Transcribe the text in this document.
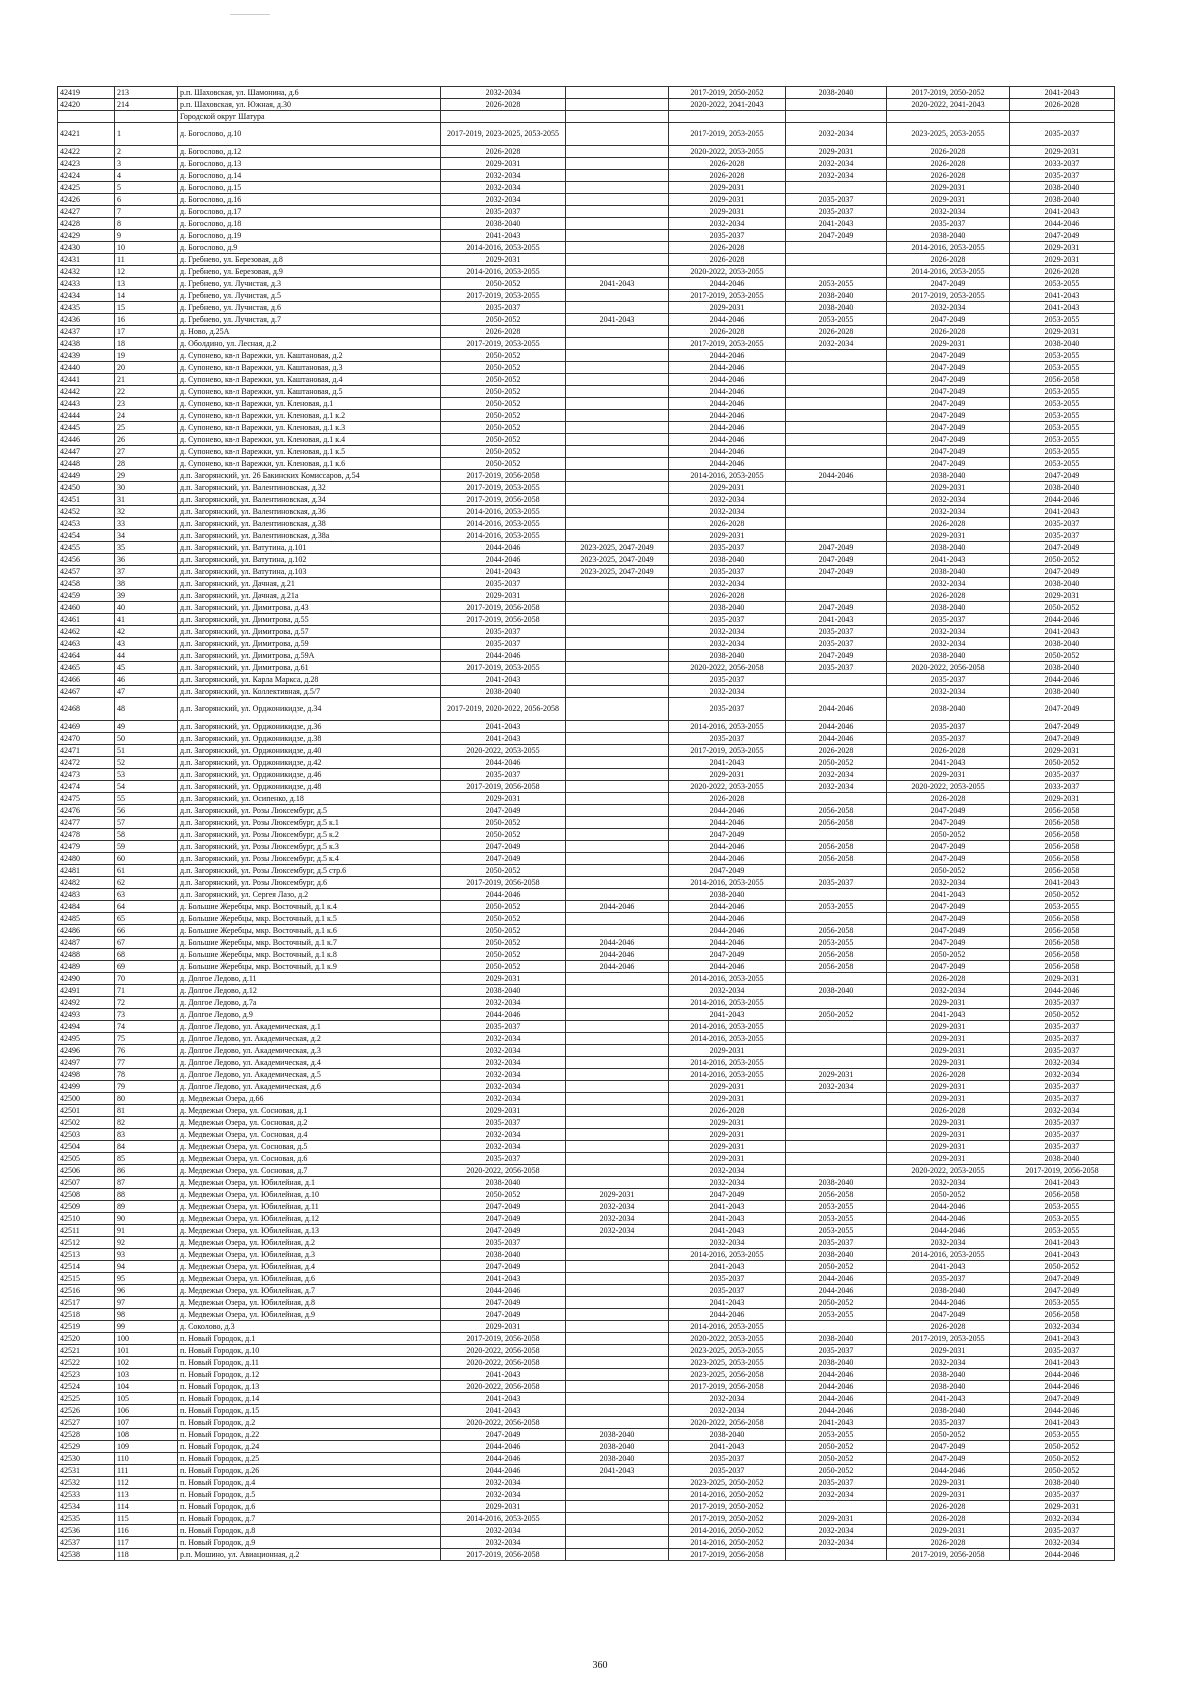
42419	213	р.п. Шаховская, ул. Шамонина, д.6	2032-2034		2017-2019, 2050-2052	2038-2040	2017-2019, 2050-2052	2041-2043
42420	214	р.п. Шаховская, ул. Южная, д.30	2026-2028		2020-2022, 2041-2043		2020-2022, 2041-2043	2026-2028
		Городской округ Шатура						
42421	1	д. Богослово, д.10	2017-2019, 2023-2025, 2053-2055		2017-2019, 2053-2055	2032-2034	2023-2025, 2053-2055	2035-2037
42422	2	д. Богослово, д.12	2026-2028		2020-2022, 2053-2055	2029-2031	2026-2028	2029-2031
42423	3	д. Богослово, д.13	2029-2031		2026-2028	2032-2034	2026-2028	2033-2037
42424	4	д. Богослово, д.14	2032-2034		2026-2028	2032-2034	2026-2028	2035-2037
42425	5	д. Богослово, д.15	2032-2034		2029-2031		2029-2031	2038-2040
42426	6	д. Богослово, д.16	2032-2034		2029-2031	2035-2037	2029-2031	2038-2040
42427	7	д. Богослово, д.17	2035-2037		2029-2031	2035-2037	2032-2034	2041-2043
42428	8	д. Богослово, д.18	2038-2040		2032-2034	2041-2043	2035-2037	2044-2046
42429	9	д. Богослово, д.19	2041-2043		2035-2037	2047-2049	2038-2040	2047-2049
42430	10	д. Богослово, д.9	2014-2016, 2053-2055		2026-2028		2014-2016, 2053-2055	2029-2031
42431	11	д. Гребнево, ул. Березовая, д.8	2029-2031		2026-2028		2026-2028	2029-2031
42432	12	д. Гребнево, ул. Березовая, д.9	2014-2016, 2053-2055		2020-2022, 2053-2055		2014-2016, 2053-2055	2026-2028
42433	13	д. Гребнево, ул. Лучистая, д.3	2050-2052	2041-2043	2044-2046	2053-2055	2047-2049	2053-2055
42434	14	д. Гребнево, ул. Лучистая, д.5	2017-2019, 2053-2055		2017-2019, 2053-2055	2038-2040	2017-2019, 2053-2055	2041-2043
42435	15	д. Гребнево, ул. Лучистая, д.6	2035-2037		2029-2031	2038-2040	2032-2034	2041-2043
42436	16	д. Гребнево, ул. Лучистая, д.7	2050-2052	2041-2043	2044-2046	2053-2055	2047-2049	2053-2055
42437	17	д. Ново, д.25А	2026-2028		2026-2028	2026-2028	2026-2028	2029-2031
42438	18	д. Оболдино, ул. Лесная, д.2	2017-2019, 2053-2055		2017-2019, 2053-2055	2032-2034	2029-2031	2038-2040
42439	19	д. Супонево, кв-л Варежки, ул. Каштановая, д.2	2050-2052		2044-2046		2047-2049	2053-2055
42440	20	д. Супонево, кв-л Варежки, ул. Каштановая, д.3	2050-2052		2044-2046		2047-2049	2053-2055
42441	21	д. Супонево, кв-л Варежки, ул. Каштановая, д.4	2050-2052		2044-2046		2047-2049	2056-2058
42442	22	д. Супонево, кв-л Варежки, ул. Каштановая, д.5	2050-2052		2044-2046		2047-2049	2053-2055
42443	23	д. Супонево, кв-л Варежки, ул. Кленовая, д.1	2050-2052		2044-2046		2047-2049	2053-2055
42444	24	д. Супонево, кв-л Варежки, ул. Кленовая, д.1 к.2	2050-2052		2044-2046		2047-2049	2053-2055
42445	25	д. Супонево, кв-л Варежки, ул. Кленовая, д.1 к.3	2050-2052		2044-2046		2047-2049	2053-2055
42446	26	д. Супонево, кв-л Варежки, ул. Кленовая, д.1 к.4	2050-2052		2044-2046		2047-2049	2053-2055
42447	27	д. Супонево, кв-л Варежки, ул. Кленовая, д.1 к.5	2050-2052		2044-2046		2047-2049	2053-2055
42448	28	д. Супонево, кв-л Варежки, ул. Кленовая, д.1 к.6	2050-2052		2044-2046		2047-2049	2053-2055
42449	29	д.п. Загорянский, ул. 26 Бакинских Комиссаров, д.54	2017-2019, 2056-2058		2014-2016, 2053-2055	2044-2046	2038-2040	2047-2049
42450	30	д.п. Загорянский, ул. Валентиновская, д.32	2017-2019, 2053-2055		2029-2031		2029-2031	2038-2040
42451	31	д.п. Загорянский, ул. Валентиновская, д.34	2017-2019, 2056-2058		2032-2034		2032-2034	2044-2046
42452	32	д.п. Загорянский, ул. Валентиновская, д.36	2014-2016, 2053-2055		2032-2034		2032-2034	2041-2043
42453	33	д.п. Загорянский, ул. Валентиновская, д.38	2014-2016, 2053-2055		2026-2028		2026-2028	2035-2037
42454	34	д.п. Загорянский, ул. Валентиновская, д.38а	2014-2016, 2053-2055		2029-2031		2029-2031	2035-2037
42455	35	д.п. Загорянский, ул. Ватутина, д.101	2044-2046	2023-2025, 2047-2049	2035-2037	2047-2049	2038-2040	2047-2049
42456	36	д.п. Загорянский, ул. Ватутина, д.102	2044-2046	2023-2025, 2047-2049	2038-2040	2047-2049	2041-2043	2050-2052
42457	37	д.п. Загорянский, ул. Ватутина, д.103	2041-2043	2023-2025, 2047-2049	2035-2037	2047-2049	2038-2040	2047-2049
42458	38	д.п. Загорянский, ул. Дачная, д.21	2035-2037		2032-2034		2032-2034	2038-2040
42459	39	д.п. Загорянский, ул. Дачная, д.21а	2029-2031		2026-2028		2026-2028	2029-2031
42460	40	д.п. Загорянский, ул. Димитрова, д.43	2017-2019, 2056-2058		2038-2040	2047-2049	2038-2040	2050-2052
42461	41	д.п. Загорянский, ул. Димитрова, д.55	2017-2019, 2056-2058		2035-2037	2041-2043	2035-2037	2044-2046
42462	42	д.п. Загорянский, ул. Димитрова, д.57	2035-2037		2032-2034	2035-2037	2032-2034	2041-2043
42463	43	д.п. Загорянский, ул. Димитрова, д.59	2035-2037		2032-2034	2035-2037	2032-2034	2038-2040
42464	44	д.п. Загорянский, ул. Димитрова, д.59А	2044-2046		2038-2040	2047-2049	2038-2040	2050-2052
42465	45	д.п. Загорянский, ул. Димитрова, д.61	2017-2019, 2053-2055		2020-2022, 2056-2058	2035-2037	2020-2022, 2056-2058	2038-2040
42466	46	д.п. Загорянский, ул. Карла Маркса, д.28	2041-2043		2035-2037		2035-2037	2044-2046
42467	47	д.п. Загорянский, ул. Коллективная, д.5/7	2038-2040		2032-2034		2032-2034	2038-2040
42468	48	д.п. Загорянский, ул. Орджоникидзе, д.34	2017-2019, 2020-2022, 2056-2058		2035-2037	2044-2046	2038-2040	2047-2049
42469	49	д.п. Загорянский, ул. Орджоникидзе, д.36	2041-2043		2014-2016, 2053-2055	2044-2046	2035-2037	2047-2049
42470	50	д.п. Загорянский, ул. Орджоникидзе, д.38	2041-2043		2035-2037	2044-2046	2035-2037	2047-2049
42471	51	д.п. Загорянский, ул. Орджоникидзе, д.40	2020-2022, 2053-2055		2017-2019, 2053-2055	2026-2028	2026-2028	2029-2031
42472	52	д.п. Загорянский, ул. Орджоникидзе, д.42	2044-2046		2041-2043	2050-2052	2041-2043	2050-2052
42473	53	д.п. Загорянский, ул. Орджоникидзе, д.46	2035-2037		2029-2031	2032-2034	2029-2031	2035-2037
42474	54	д.п. Загорянский, ул. Орджоникидзе, д.48	2017-2019, 2056-2058		2020-2022, 2053-2055	2032-2034	2020-2022, 2053-2055	2033-2037
42475	55	д.п. Загорянский, ул. Осипенко, д.18	2029-2031		2026-2028		2026-2028	2029-2031
42476	56	д.п. Загорянский, ул. Розы Люксембург, д.5	2047-2049		2044-2046	2056-2058	2047-2049	2056-2058
42477	57	д.п. Загорянский, ул. Розы Люксембург, д.5 к.1	2050-2052		2044-2046	2056-2058	2047-2049	2056-2058
42478	58	д.п. Загорянский, ул. Розы Люксембург, д.5 к.2	2050-2052		2047-2049		2050-2052	2056-2058
42479	59	д.п. Загорянский, ул. Розы Люксембург, д.5 к.3	2047-2049		2044-2046	2056-2058	2047-2049	2056-2058
42480	60	д.п. Загорянский, ул. Розы Люксембург, д.5 к.4	2047-2049		2044-2046	2056-2058	2047-2049	2056-2058
42481	61	д.п. Загорянский, ул. Розы Люксембург, д.5 стр.6	2050-2052		2047-2049		2050-2052	2056-2058
42482	62	д.п. Загорянский, ул. Розы Люксембург, д.6	2017-2019, 2056-2058		2014-2016, 2053-2055	2035-2037	2032-2034	2041-2043
42483	63	д.п. Загорянский, ул. Сергея Лазо, д.2	2044-2046		2038-2040		2041-2043	2050-2052
42484	64	д. Большие Жеребцы, мкр. Восточный, д.1 к.4	2050-2052	2044-2046	2044-2046	2053-2055	2047-2049	2053-2055
42485	65	д. Большие Жеребцы, мкр. Восточный, д.1 к.5	2050-2052		2044-2046		2047-2049	2056-2058
42486	66	д. Большие Жеребцы, мкр. Восточный, д.1 к.6	2050-2052		2044-2046	2056-2058	2047-2049	2056-2058
42487	67	д. Большие Жеребцы, мкр. Восточный, д.1 к.7	2050-2052	2044-2046	2044-2046	2053-2055	2047-2049	2056-2058
42488	68	д. Большие Жеребцы, мкр. Восточный, д.1 к.8	2050-2052	2044-2046	2047-2049	2056-2058	2050-2052	2056-2058
42489	69	д. Большие Жеребцы, мкр. Восточный, д.1 к.9	2050-2052	2044-2046	2044-2046	2056-2058	2047-2049	2056-2058
42490	70	д. Долгое Ледово, д.11	2029-2031		2014-2016, 2053-2055		2026-2028	2029-2031
42491	71	д. Долгое Ледово, д.12	2038-2040		2032-2034	2038-2040	2032-2034	2044-2046
42492	72	д. Долгое Ледово, д.7а	2032-2034		2014-2016, 2053-2055		2029-2031	2035-2037
42493	73	д. Долгое Ледово, д.9	2044-2046		2041-2043	2050-2052	2041-2043	2050-2052
42494	74	д. Долгое Ледово, ул. Академическая, д.1	2035-2037		2014-2016, 2053-2055		2029-2031	2035-2037
42495	75	д. Долгое Ледово, ул. Академическая, д.2	2032-2034		2014-2016, 2053-2055		2029-2031	2035-2037
42496	76	д. Долгое Ледово, ул. Академическая, д.3	2032-2034		2029-2031		2029-2031	2035-2037
42497	77	д. Долгое Ледово, ул. Академическая, д.4	2032-2034		2014-2016, 2053-2055		2029-2031	2032-2034
42498	78	д. Долгое Ледово, ул. Академическая, д.5	2032-2034		2014-2016, 2053-2055	2029-2031	2026-2028	2032-2034
42499	79	д. Долгое Ледово, ул. Академическая, д.6	2032-2034		2029-2031	2032-2034	2029-2031	2035-2037
42500	80	д. Медвежьи Озера, д.66	2032-2034		2029-2031		2029-2031	2035-2037
42501	81	д. Медвежьи Озера, ул. Сосновая, д.1	2029-2031		2026-2028		2026-2028	2032-2034
42502	82	д. Медвежьи Озера, ул. Сосновая, д.2	2035-2037		2029-2031		2029-2031	2035-2037
42503	83	д. Медвежьи Озера, ул. Сосновая, д.4	2032-2034		2029-2031		2029-2031	2035-2037
42504	84	д. Медвежьи Озера, ул. Сосновая, д.5	2032-2034		2029-2031		2029-2031	2035-2037
42505	85	д. Медвежьи Озера, ул. Сосновая, д.6	2035-2037		2029-2031		2029-2031	2038-2040
42506	86	д. Медвежьи Озера, ул. Сосновая, д.7	2020-2022, 2056-2058		2032-2034		2020-2022, 2053-2055	2017-2019, 2056-2058
42507	87	д. Медвежьи Озера, ул. Юбилейная, д.1	2038-2040		2032-2034	2038-2040	2032-2034	2041-2043
42508	88	д. Медвежьи Озера, ул. Юбилейная, д.10	2050-2052	2029-2031	2047-2049	2056-2058	2050-2052	2056-2058
42509	89	д. Медвежьи Озера, ул. Юбилейная, д.11	2047-2049	2032-2034	2041-2043	2053-2055	2044-2046	2053-2055
42510	90	д. Медвежьи Озера, ул. Юбилейная, д.12	2047-2049	2032-2034	2041-2043	2053-2055	2044-2046	2053-2055
42511	91	д. Медвежьи Озера, ул. Юбилейная, д.13	2047-2049	2032-2034	2041-2043	2053-2055	2044-2046	2053-2055
42512	92	д. Медвежьи Озера, ул. Юбилейная, д.2	2035-2037		2032-2034	2035-2037	2032-2034	2041-2043
42513	93	д. Медвежьи Озера, ул. Юбилейная, д.3	2038-2040		2014-2016, 2053-2055	2038-2040	2014-2016, 2053-2055	2041-2043
42514	94	д. Медвежьи Озера, ул. Юбилейная, д.4	2047-2049		2041-2043	2050-2052	2041-2043	2050-2052
42515	95	д. Медвежьи Озера, ул. Юбилейная, д.6	2041-2043		2035-2037	2044-2046	2035-2037	2047-2049
42516	96	д. Медвежьи Озера, ул. Юбилейная, д.7	2044-2046		2035-2037	2044-2046	2038-2040	2047-2049
42517	97	д. Медвежьи Озера, ул. Юбилейная, д.8	2047-2049		2041-2043	2050-2052	2044-2046	2053-2055
42518	98	д. Медвежьи Озера, ул. Юбилейная, д.9	2047-2049		2044-2046	2053-2055	2047-2049	2056-2058
42519	99	д. Соколово, д.3	2029-2031		2014-2016, 2053-2055		2026-2028	2032-2034
42520	100	п. Новый Городок, д.1	2017-2019, 2056-2058		2020-2022, 2053-2055	2038-2040	2017-2019, 2053-2055	2041-2043
42521	101	п. Новый Городок, д.10	2020-2022, 2056-2058		2023-2025, 2053-2055	2035-2037	2029-2031	2035-2037
42522	102	п. Новый Городок, д.11	2020-2022, 2056-2058		2023-2025, 2053-2055	2038-2040	2032-2034	2041-2043
42523	103	п. Новый Городок, д.12	2041-2043		2023-2025, 2056-2058	2044-2046	2038-2040	2044-2046
42524	104	п. Новый Городок, д.13	2020-2022, 2056-2058		2017-2019, 2056-2058	2044-2046	2038-2040	2044-2046
42525	105	п. Новый Городок, д.14	2041-2043		2032-2034	2044-2046	2041-2043	2047-2049
42526	106	п. Новый Городок, д.15	2041-2043		2032-2034	2044-2046	2038-2040	2044-2046
42527	107	п. Новый Городок, д.2	2020-2022, 2056-2058		2020-2022, 2056-2058	2041-2043	2035-2037	2041-2043
42528	108	п. Новый Городок, д.22	2047-2049	2038-2040	2038-2040	2053-2055	2050-2052	2053-2055
42529	109	п. Новый Городок, д.24	2044-2046	2038-2040	2041-2043	2050-2052	2047-2049	2050-2052
42530	110	п. Новый Городок, д.25	2044-2046	2038-2040	2035-2037	2050-2052	2047-2049	2050-2052
42531	111	п. Новый Городок, д.26	2044-2046	2041-2043	2035-2037	2050-2052	2044-2046	2050-2052
42532	112	п. Новый Городок, д.4	2032-2034		2023-2025, 2050-2052	2035-2037	2029-2031	2038-2040
42533	113	п. Новый Городок, д.5	2032-2034		2014-2016, 2050-2052	2032-2034	2029-2031	2035-2037
42534	114	п. Новый Городок, д.6	2029-2031		2017-2019, 2050-2052		2026-2028	2029-2031
42535	115	п. Новый Городок, д.7	2014-2016, 2053-2055		2017-2019, 2050-2052	2029-2031	2026-2028	2032-2034
42536	116	п. Новый Городок, д.8	2032-2034		2014-2016, 2050-2052	2032-2034	2029-2031	2035-2037
42537	117	п. Новый Городок, д.9	2032-2034		2014-2016, 2050-2052	2032-2034	2026-2028	2032-2034
42538	118	р.п. Мошино, ул. Авиационная, д.2	2017-2019, 2056-2058		2017-2019, 2056-2058		2017-2019, 2056-2058	2044-2046
360
